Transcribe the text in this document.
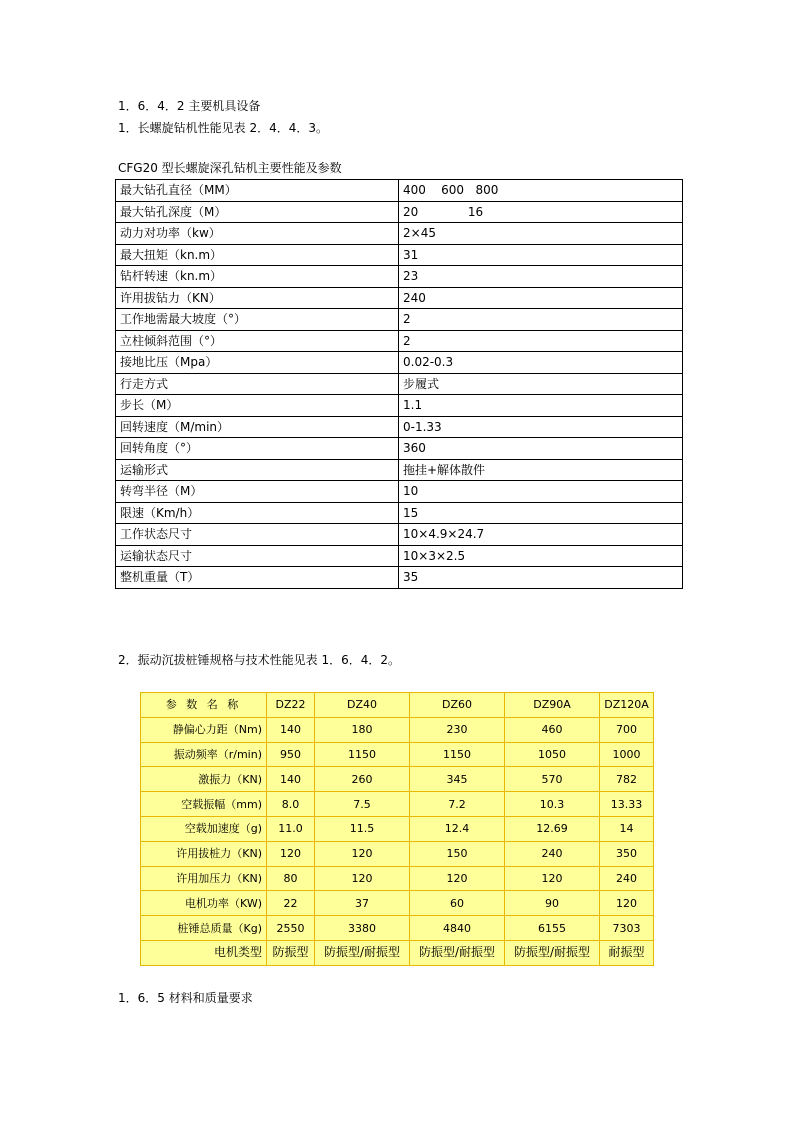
1．6．4．2 主要机具设备
1．长螺旋钻机性能见表 2．4．4．3。
CFG20 型长螺旋深孔钻机主要性能及参数
最大钻孔直径（MM）	400    600   800
最大钻孔深度（M）	20             16
动力对功率（kw）	2×45
最大扭矩（kn.m）	31
钻杆转速（kn.m）	23
许用拔钻力（KN）	240
工作地需最大坡度（°）	2
立柱倾斜范围（°）	2
接地比压（Mpa）	0.02-0.3
行走方式	步履式
步长（M）	1.1
回转速度（M/min）	0-1.33
回转角度（°）	360
运输形式	拖挂+解体散件
转弯半径（M）	10
限速（Km/h）	15
工作状态尺寸	10×4.9×24.7
运输状态尺寸	10×3×2.5
整机重量（T）	35
2．振动沉拔桩锤规格与技术性能见表 1．6．4．2。
参 数 名 称	DZ22	DZ40	DZ60	DZ90A	DZ120A
静偏心力距（Nm)	140	180	230	460	700
振动频率（r/min)	950	1150	1150	1050	1000
激振力（KN)	140	260	345	570	782
空载振幅（mm)	8.0	7.5	7.2	10.3	13.33
空载加速度（g)	11.0	11.5	12.4	12.69	14
许用拔桩力（KN)	120	120	150	240	350
许用加压力（KN)	80	120	120	120	240
电机功率（KW)	22	37	60	90	120
桩锤总质量（Kg)	2550	3380	4840	6155	7303
电机类型	防振型	防振型/耐振型	防振型/耐振型	防振型/耐振型	耐振型
1．6．5 材料和质量要求
